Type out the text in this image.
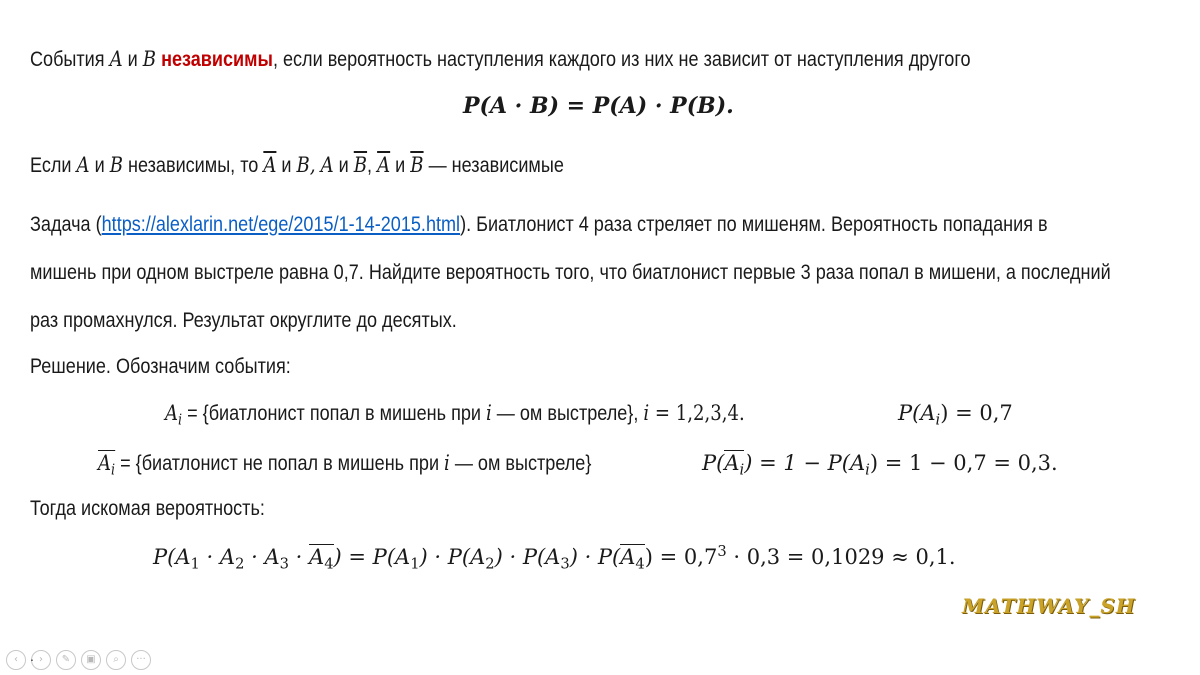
События A и B независимы, если вероятность наступления каждого из них не зависит от наступления другого
P(A · B) = P(A) · P(B).
Если A и B независимы, то $\overline{A}$ и B, A и $\overline{B}$, $\overline{A}$ и $\overline{B}$ — независимые
Задача (https://alexlarin.net/ege/2015/1-14-2015.html). Биатлонист 4 раза стреляет по мишеням. Вероятность попадания в
мишень при одном выстреле равна 0,7. Найдите вероятность того, что биатлонист первые 3 раза попал в мишени, а последний
раз промахнулся. Результат округлите до десятых.
Решение. Обозначим события:
$A_i$ = {биатлонист попал в мишень при i — ом выстреле}, i = 1,2,3,4.	$P(A_i) = 0,7$
$A_i$ = {биатлонист не попал в мишень при i — ом выстреле}	$P(A_i) = 1 - P(A_i) = 1 - 0,7 = 0,3$.
Тогда искомая вероятность:
$P(A_1 \cdot A_2 \cdot A_3 \cdot A_4) = P(A_1) \cdot P(A_2) \cdot P(A_3) \cdot P(A_4) = 0,7^3 \cdot 0,3 = 0,1029 \approx 0,1$.
MATHWAY_SH
‹	›	✎	▣	⌕	···
.
